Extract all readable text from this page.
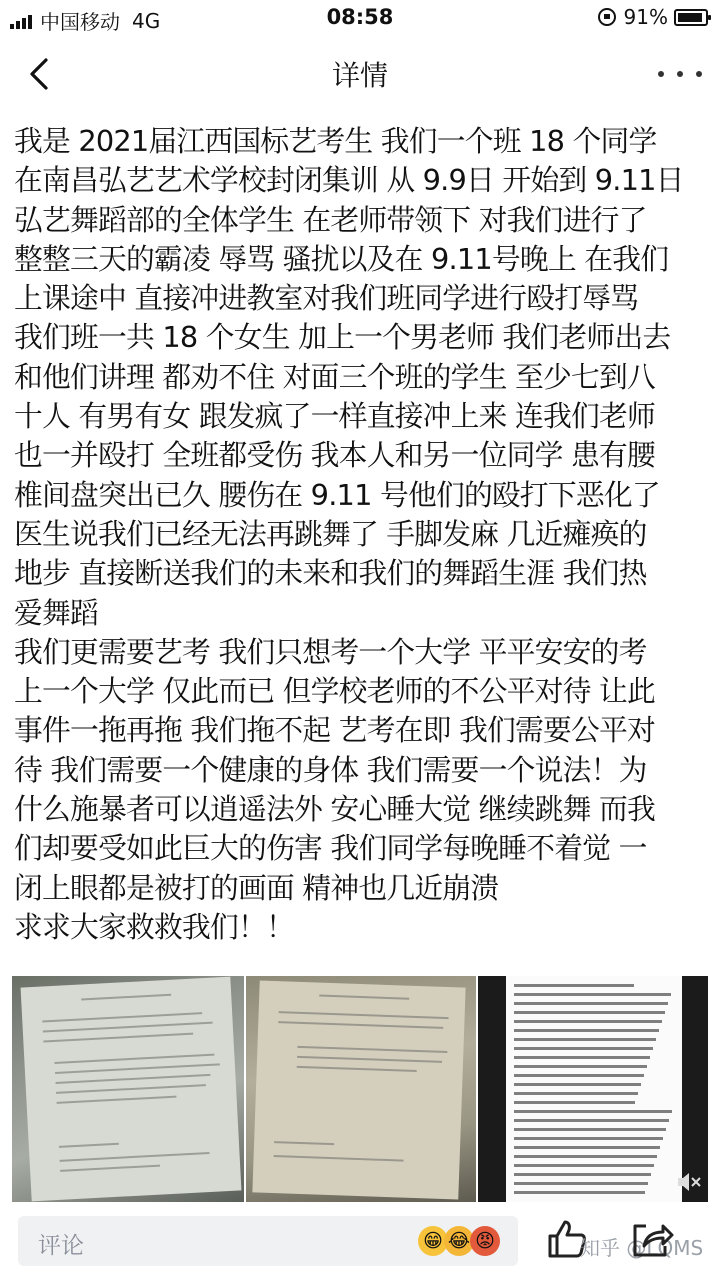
中国移动 4G	08:58	91%
详情

我是 2021届江西国标艺考生 我们一个班 18 个同学

在南昌弘艺艺术学校封闭集训 从 9.9日 开始到 9.11日

弘艺舞蹈部的全体学生 在老师带领下 对我们进行了

整整三天的霸凌 辱骂 骚扰以及在 9.11号晚上 在我们

上课途中 直接冲进教室对我们班同学进行殴打辱骂

我们班一共 18 个女生 加上一个男老师 我们老师出去

和他们讲理 都劝不住 对面三个班的学生 至少七到八

十人 有男有女 跟发疯了一样直接冲上来 连我们老师

也一并殴打 全班都受伤 我本人和另一位同学 患有腰

椎间盘突出已久 腰伤在 9.11 号他们的殴打下恶化了

医生说我们已经无法再跳舞了 手脚发麻 几近瘫痪的

地步 直接断送我们的未来和我们的舞蹈生涯 我们热

爱舞蹈

我们更需要艺考 我们只想考一个大学 平平安安的考

上一个大学 仅此而已 但学校老师的不公平对待 让此

事件一拖再拖 我们拖不起 艺考在即 我们需要公平对

待 我们需要一个健康的身体 我们需要一个说法！为

什么施暴者可以逍遥法外 安心睡大觉 继续跳舞 而我

们却要受如此巨大的伤害 我们同学每晚睡不着觉 一

闭上眼都是被打的画面 精神也几近崩溃

求求大家救救我们！！

评论	😁 😂 😡	知乎 @LQMS
